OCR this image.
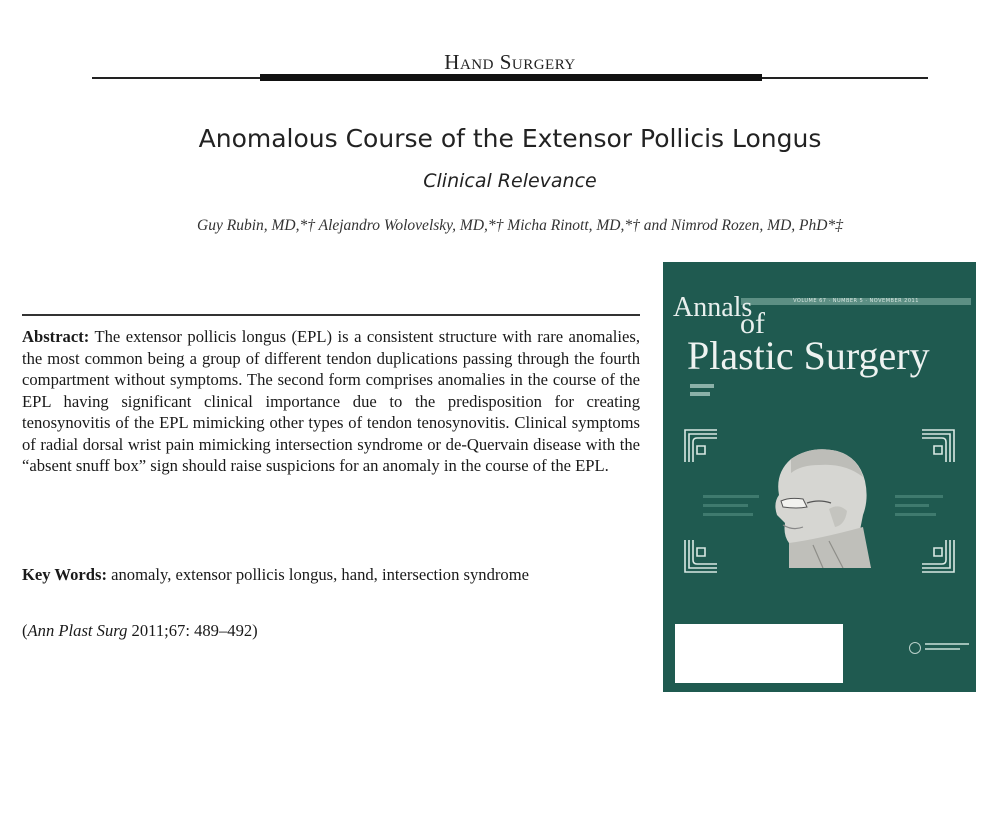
Hand Surgery
Anomalous Course of the Extensor Pollicis Longus
Clinical Relevance
Guy Rubin, MD,*† Alejandro Wolovelsky, MD,*† Micha Rinott, MD,*† and Nimrod Rozen, MD, PhD*‡

Abstract: The extensor pollicis longus (EPL) is a consistent structure with rare anomalies, the most common being a group of different tendon duplications passing through the fourth compartment without symptoms. The second form comprises anomalies in the course of the EPL having significant clinical importance due to the predisposition for creating tenosynovitis of the EPL mimicking other types of tendon tenosynovitis. Clinical symptoms of radial dorsal wrist pain mimicking intersection syndrome or de-Quervain disease with the “absent snuff box” sign should raise suspicions for an anomaly in the course of the EPL.

Key Words: anomaly, extensor pollicis longus, hand, intersection syndrome

(Ann Plast Surg 2011;67: 489–492)
VOLUME 67 · NUMBER 5 · NOVEMBER 2011
Annals
of
Plastic Surgery
